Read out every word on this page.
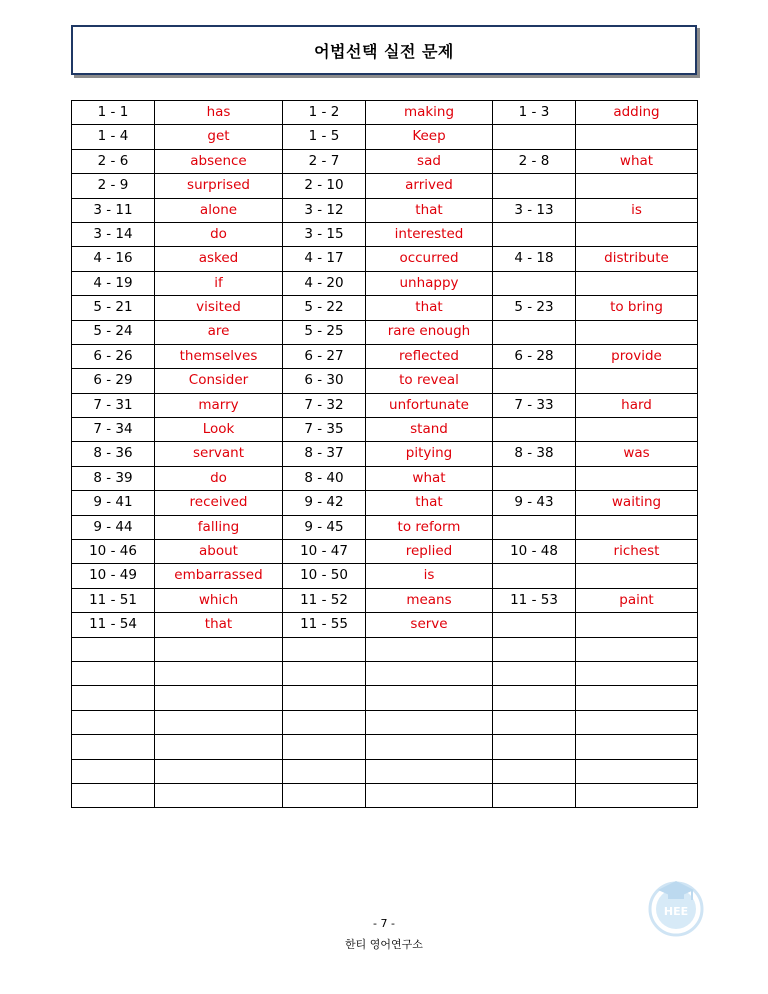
어법선택 실전 문제
1 - 1	has	1 - 2	making	1 - 3	adding
1 - 4	get	1 - 5	Keep		
2 - 6	absence	2 - 7	sad	2 - 8	what
2 - 9	surprised	2 - 10	arrived		
3 - 11	alone	3 - 12	that	3 - 13	is
3 - 14	do	3 - 15	interested		
4 - 16	asked	4 - 17	occurred	4 - 18	distribute
4 - 19	if	4 - 20	unhappy		
5 - 21	visited	5 - 22	that	5 - 23	to bring
5 - 24	are	5 - 25	rare enough		
6 - 26	themselves	6 - 27	reflected	6 - 28	provide
6 - 29	Consider	6 - 30	to reveal		
7 - 31	marry	7 - 32	unfortunate	7 - 33	hard
7 - 34	Look	7 - 35	stand		
8 - 36	servant	8 - 37	pitying	8 - 38	was
8 - 39	do	8 - 40	what		
9 - 41	received	9 - 42	that	9 - 43	waiting
9 - 44	falling	9 - 45	to reform		
10 - 46	about	10 - 47	replied	10 - 48	richest
10 - 49	embarrassed	10 - 50	is		
11 - 51	which	11 - 52	means	11 - 53	paint
11 - 54	that	11 - 55	serve		

- 7 -
한티 영어연구소
HEE
